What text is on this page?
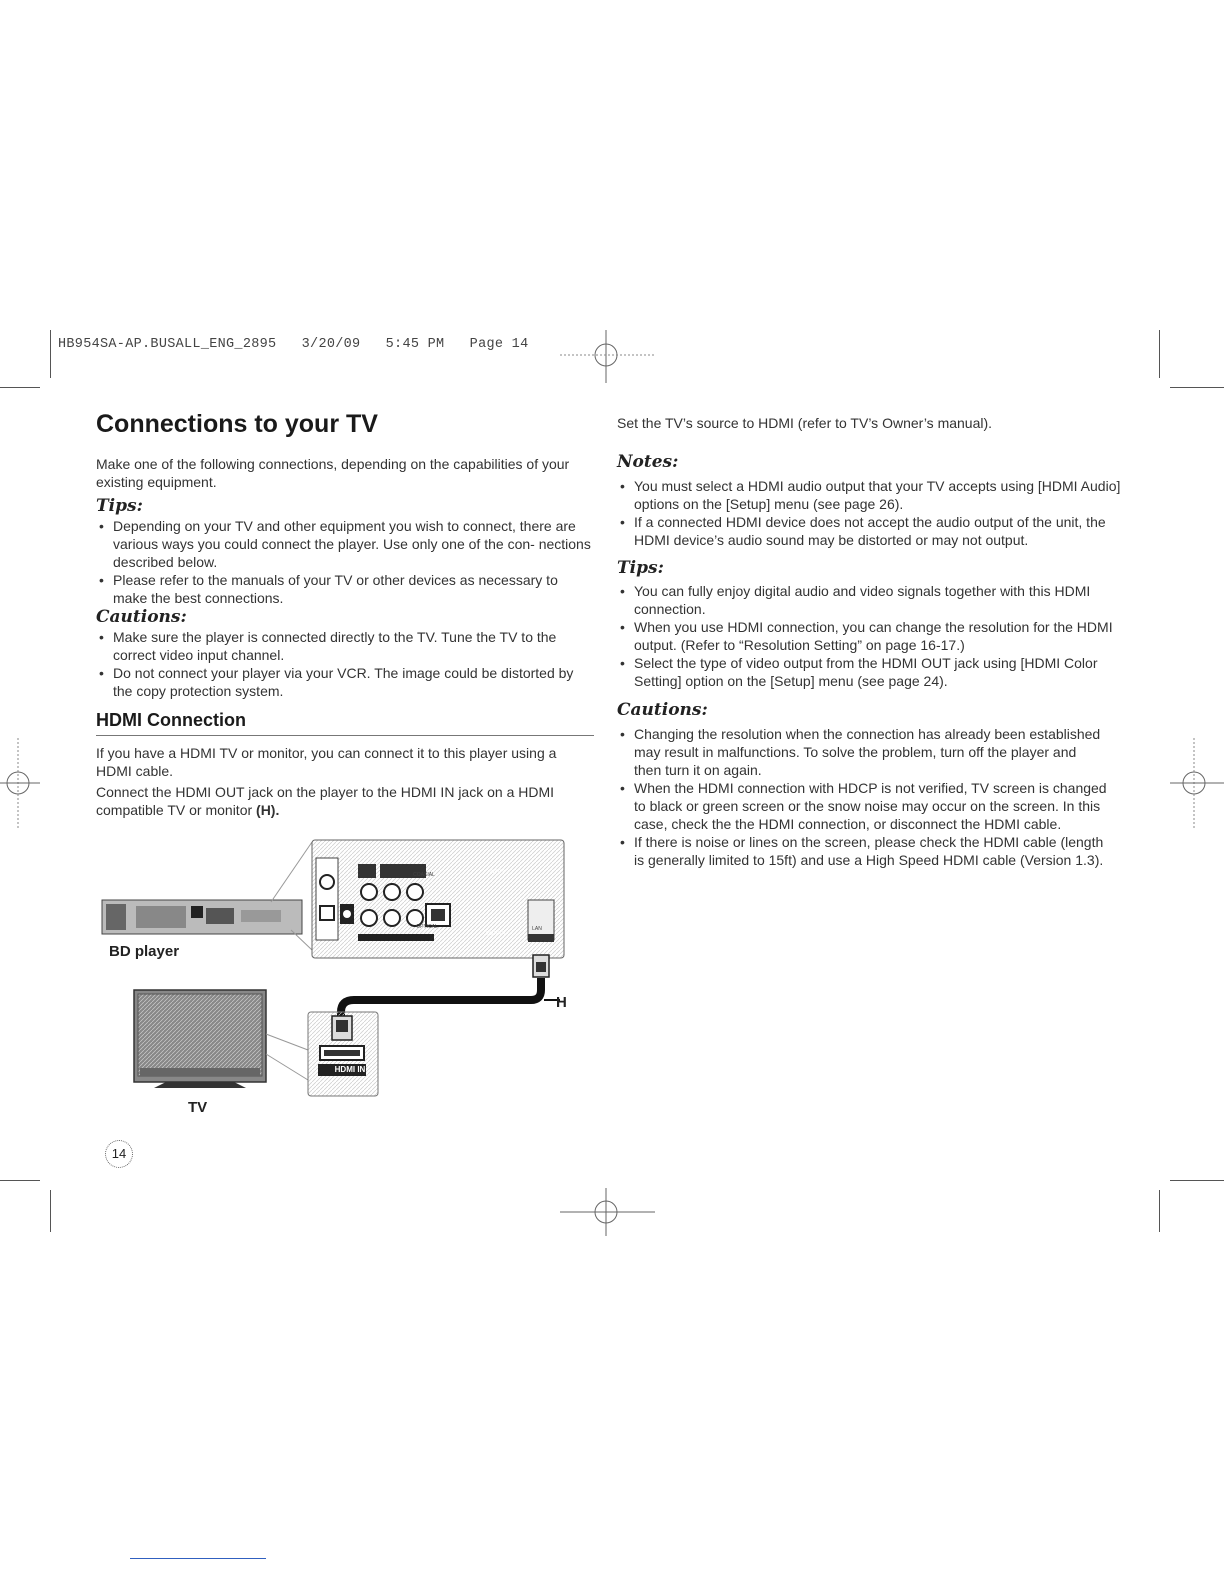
HB954SA-AP.BUSALL_ENG_2895   3/20/09   5:45 PM   Page 14
Connections to your TV

Make one of the following connections, depending on the capabilities of your existing equipment.

Tips:
• Depending on your TV and other equipment you wish to connect, there are various ways you could connect the player. Use only one of the con- nections described below.
• Please refer to the manuals of your TV or other devices as necessary to make the best connections.
Cautions:
• Make sure the player is connected directly to the TV. Tune the TV to the correct video input channel.
• Do not connect your player via your VCR. The image could be distorted by the copy protection system.
HDMI Connection

If you have a HDMI TV or monitor, you can connect it to this player using a HDMI cable.

Connect the HDMI OUT jack on the player to the HDMI IN jack on a HDMI compatible TV or monitor (H).

HDMI IN
OPTICAL
OUTPUT
LAN
HDMI OUT
COAXIAL	INPUT
BD player
TV
H
14

Set the TV’s source to HDMI (refer to TV’s Owner’s manual).

Notes:
• You must select a HDMI audio output that your TV accepts using [HDMI Audio] options on the [Setup] menu (see page 26).
• If a connected HDMI device does not accept the audio output of the unit, the HDMI device’s audio sound may be distorted or may not output.
Tips:
• You can fully enjoy digital audio and video signals together with this HDMI connection.
• When you use HDMI connection, you can change the resolution for the HDMI output. (Refer to “Resolution Setting” on page 16-17.)
• Select the type of video output from the HDMI OUT jack using [HDMI Color Setting] option on the [Setup] menu (see page 24).
Cautions:
• Changing the resolution when the connection has already been established may result in malfunctions. To solve the problem, turn off the player and then turn it on again.
• When the HDMI connection with HDCP is not verified, TV screen is changed to black or green screen or the snow noise may occur on the screen. In this case, check the the HDMI connection, or disconnect the HDMI cable.
• If there is noise or lines on the screen, please check the HDMI cable (length is generally limited to 15ft) and use a High Speed HDMI cable (Version 1.3).
